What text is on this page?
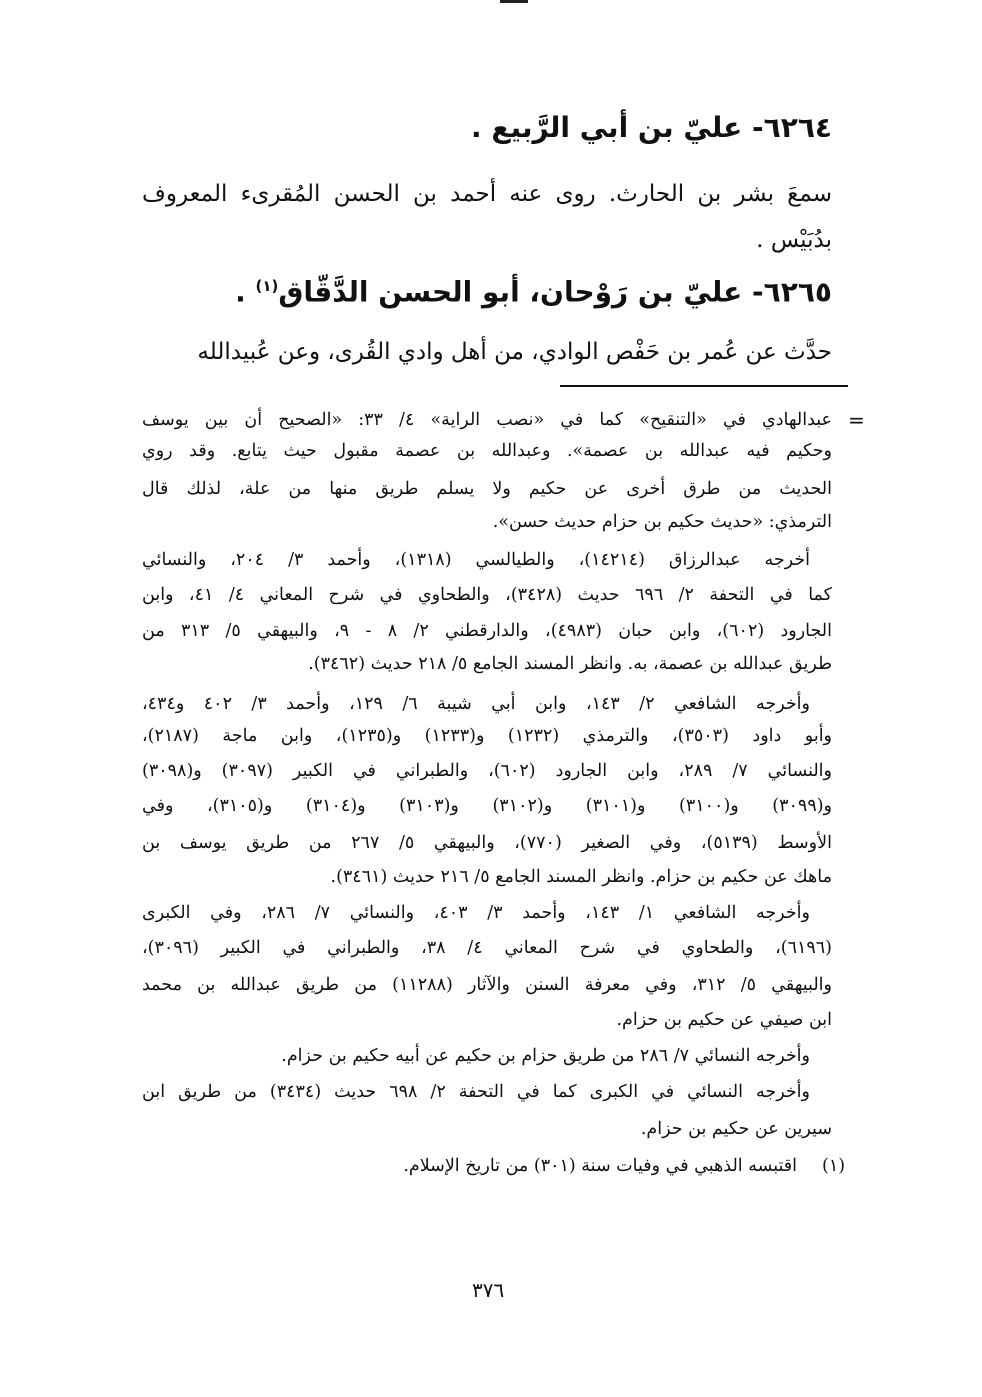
٦٢٦٤- عليّ بن أبي الرَّبيع .
سمعَ بشر بن الحارث. روى عنه أحمد بن الحسن المُقرىء المعروف
بدُبَيْس .
٦٢٦٥- عليّ بن رَوْحان، أبو الحسن الدَّقّاق$^{(١)}$ .
حدَّث عن عُمر بن حَفْص الوادي، من أهل وادي القُرى، وعن عُبيدالله
=
عبدالهادي في «التنقيح» كما في «نصب الراية» ٤/ ٣٣: «الصحيح أن بين يوسف
وحكيم فيه عبدالله بن عصمة». وعبدالله بن عصمة مقبول حيث يتابع. وقد روي
الحديث من طرق أخرى عن حكيم ولا يسلم طريق منها من علة، لذلك قال
الترمذي: «حديث حكيم بن حزام حديث حسن».
أخرجه عبدالرزاق (١٤٢١٤)، والطيالسي (١٣١٨)، وأحمد ٣/ ٢٠٤، والنسائي
كما في التحفة ٢/ ٦٩٦ حديث (٣٤٢٨)، والطحاوي في شرح المعاني ٤/ ٤١، وابن
الجارود (٦٠٢)، وابن حبان (٤٩٨٣)، والدارقطني ٢/ ٨ - ٩، والبيهقي ٥/ ٣١٣ من
طريق عبدالله بن عصمة، به. وانظر المسند الجامع ٥/ ٢١٨ حديث (٣٤٦٢).
وأخرجه الشافعي ٢/ ١٤٣، وابن أبي شيبة ٦/ ١٢٩، وأحمد ٣/ ٤٠٢ و٤٣٤،
وأبو داود (٣٥٠٣)، والترمذي (١٢٣٢) و(١٢٣٣) و(١٢٣٥)، وابن ماجة (٢١٨٧)،
والنسائي ٧/ ٢٨٩، وابن الجارود (٦٠٢)، والطبراني في الكبير (٣٠٩٧) و(٣٠٩٨)
و(٣٠٩٩) و(٣١٠٠) و(٣١٠١) و(٣١٠٢) و(٣١٠٣) و(٣١٠٤) و(٣١٠٥)، وفي
الأوسط (٥١٣٩)، وفي الصغير (٧٧٠)، والبيهقي ٥/ ٢٦٧ من طريق يوسف بن
ماهك عن حكيم بن حزام. وانظر المسند الجامع ٥/ ٢١٦ حديث (٣٤٦١).
وأخرجه الشافعي ١/ ١٤٣، وأحمد ٣/ ٤٠٣، والنسائي ٧/ ٢٨٦، وفي الكبرى
(٦١٩٦)، والطحاوي في شرح المعاني ٤/ ٣٨، والطبراني في الكبير (٣٠٩٦)،
والبيهقي ٥/ ٣١٢، وفي معرفة السنن والآثار (١١٢٨٨) من طريق عبدالله بن محمد
ابن صيفي عن حكيم بن حزام.
وأخرجه النسائي ٧/ ٢٨٦ من طريق حزام بن حكيم عن أبيه حكيم بن حزام.
وأخرجه النسائي في الكبرى كما في التحفة ٢/ ٦٩٨ حديث (٣٤٣٤) من طريق ابن
سيرين عن حكيم بن حزام.
(١)
اقتبسه الذهبي في وفيات سنة (٣٠١) من تاريخ الإسلام.
٣٧٦
